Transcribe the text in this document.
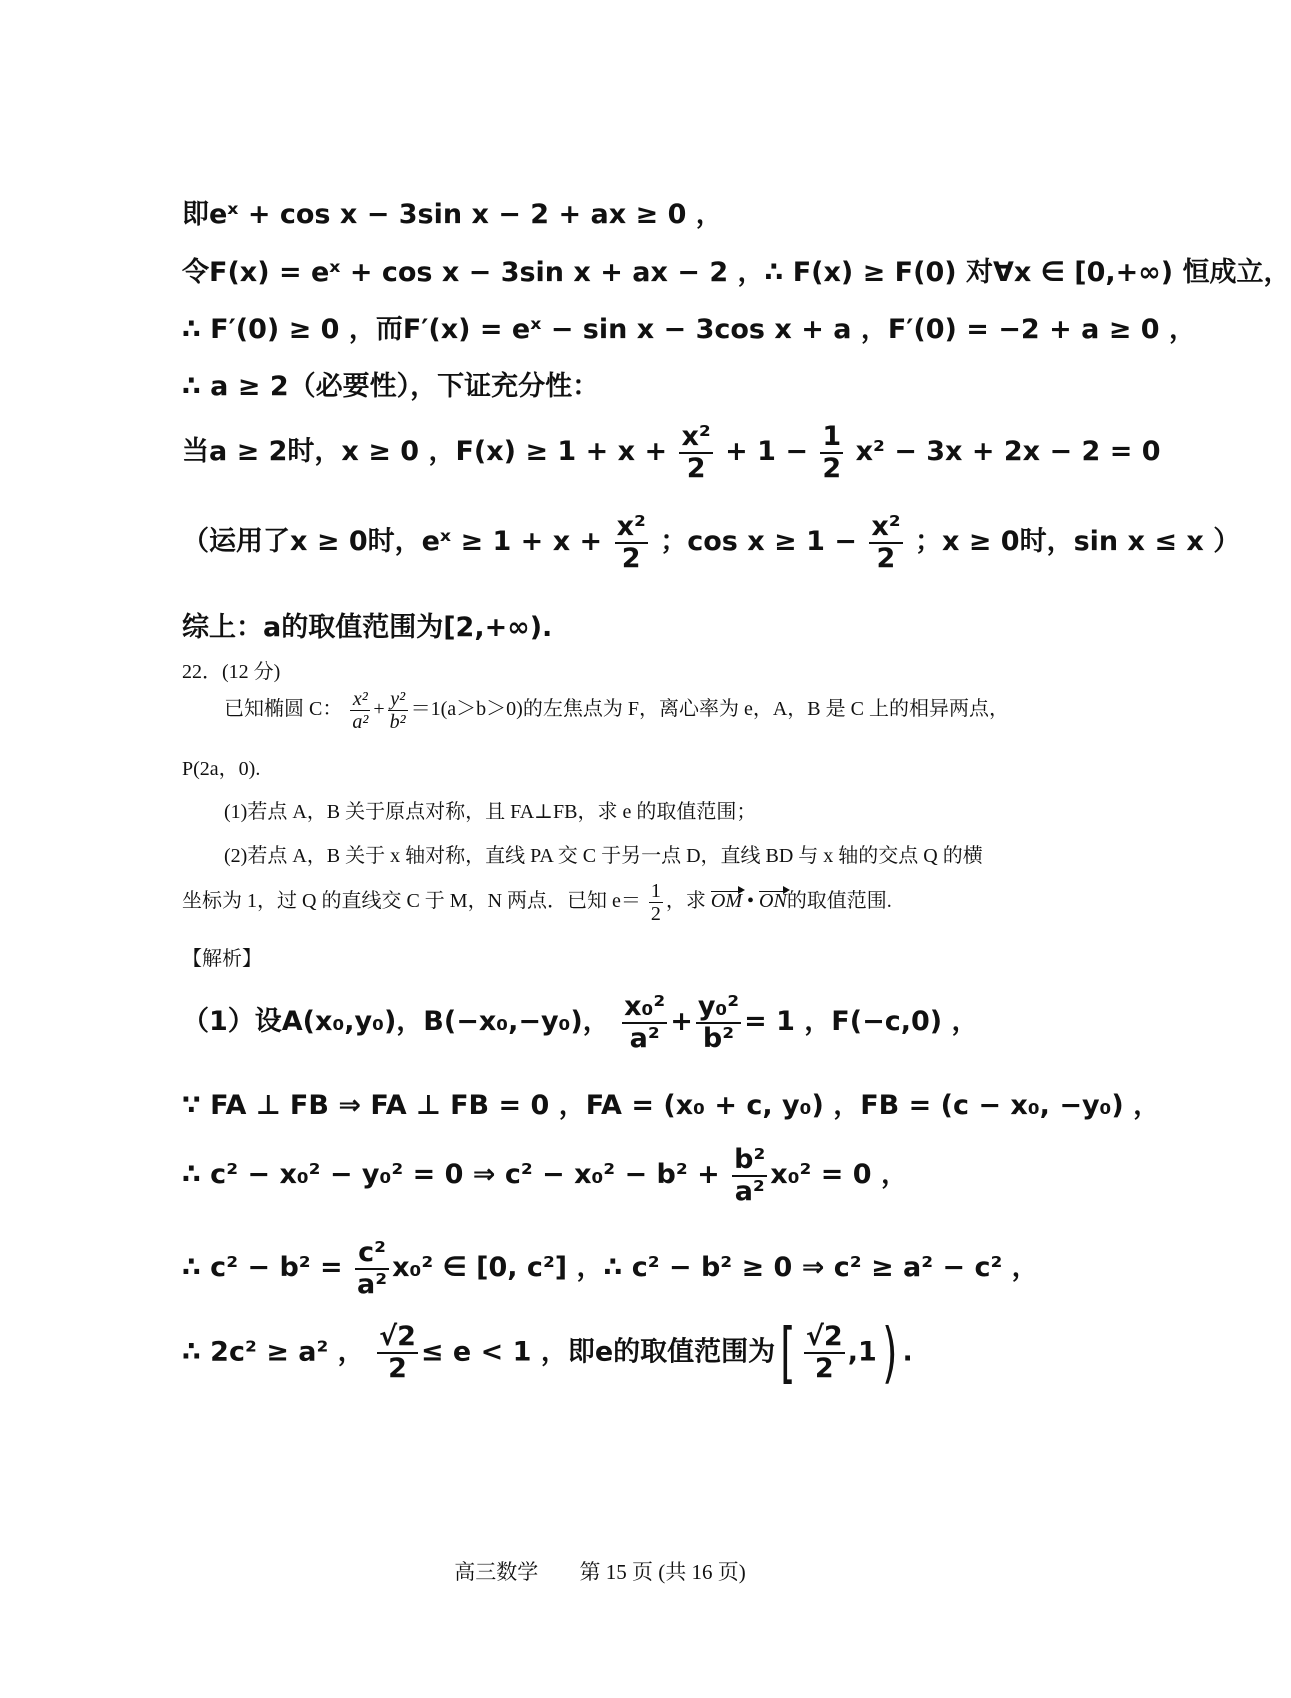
即eˣ + cos x − 3sin x − 2 + ax ≥ 0 ，
令F(x) = eˣ + cos x − 3sin x + ax − 2 ，∴ F(x) ≥ F(0) 对∀x ∈ [0,+∞) 恒成立，
∴ F′(0) ≥ 0 ，而F′(x) = eˣ − sin x − 3cos x + a ，F′(0) = −2 + a ≥ 0 ，
∴ a ≥ 2（必要性），下证充分性：
当a ≥ 2时，x ≥ 0 ，$F(x) \ge 1 + x + \frac{\text{x²}}{2} + 1 - \frac{1}{2} x^2 - 3x + 2x - 2 = 0$
（运用了x ≥ 0时，eˣ ≥ $1 + x + \frac{\text{x²}}{2}$ ；$\cos x \ge 1 - \frac{\text{x²}}{2}$ ；x ≥ 0时，sin x ≤ x ）
综上：a的取值范围为[2,+∞).
22．(12 分)
已知椭圆 C： $\frac{\text{x²}}{\text{a²}} + \frac{\text{y²}}{\text{b²}} =1(a>b>0)$的左焦点为 F，离心率为 e，A，B 是 C 上的相异两点，
P(2a，0).
(1)若点 A，B 关于原点对称，且 FA⊥FB，求 e 的取值范围；
(2)若点 A，B 关于 x 轴对称，直线 PA 交 C 于另一点 D，直线 BD 与 x 轴的交点 Q 的横
坐标为 1，过 Q 的直线交 C 于 M，N 两点．已知 $e= \frac{1}{2}$ ，求 OM • ON的取值范围.
【解析】
（1）设A(x₀,y₀)，B(−x₀,−y₀)， $\frac{\text{x₀²}}{\text{a²}} + \frac{\text{y₀²}}{\text{b²}} = 1$ ，F(−c,0) ，
∵ FA ⊥ FB ⇒ FA ⊥ FB = 0 ，FA = (x₀ + c, y₀) ，FB = (c − x₀, −y₀) ，
∴ c² − x₀² − y₀² = 0 ⇒ $c^2 - x_0^2 - b^2 + \frac{\text{b²}}{\text{a²}} x_0^2 = 0$ ，
∴ $c^2 - b^2 = \frac{\text{c²}}{\text{a²}} x_0^2$ ∈ [0, c²] ，∴ c² − b² ≥ 0 ⇒ c² ≥ a² − c² ，
∴ 2c² ≥ a² ， $\frac{√2}{2} \le e < 1$ ，即e的取值范围为[ $\frac{√2}{2} ,1$) .
高三数学 第 15 页 (共 16 页)
